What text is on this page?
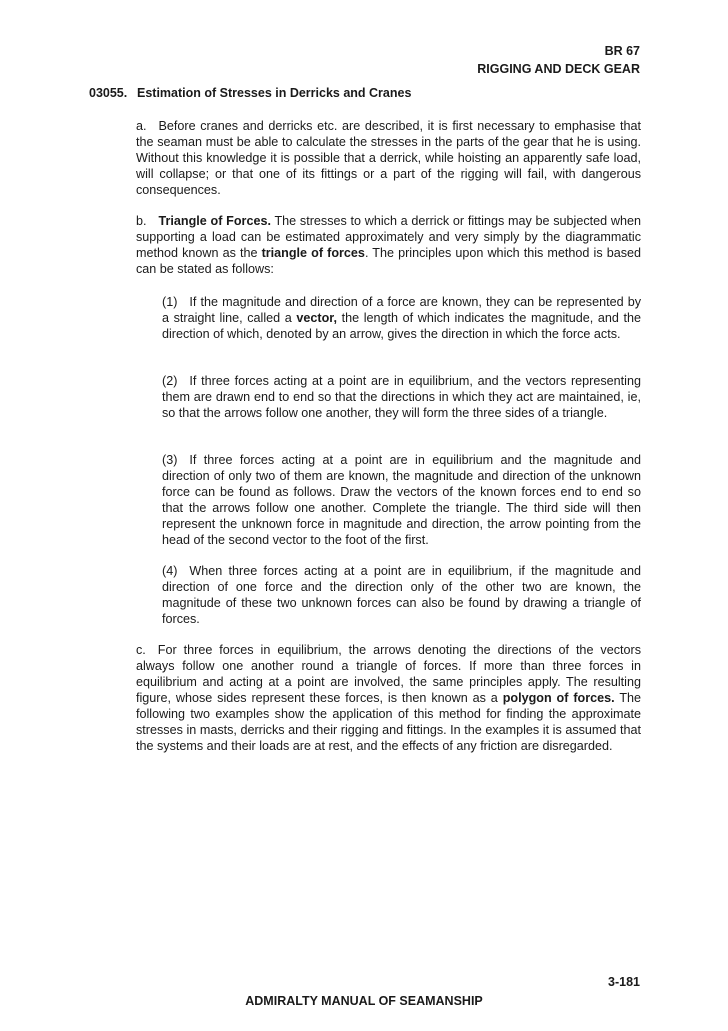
BR 67
RIGGING AND DECK GEAR
03055. Estimation of Stresses in Derricks and Cranes
a. Before cranes and derricks etc. are described, it is first necessary to emphasise that the seaman must be able to calculate the stresses in the parts of the gear that he is using. Without this knowledge it is possible that a derrick, while hoisting an apparently safe load, will collapse; or that one of its fittings or a part of the rigging will fail, with dangerous consequences.
b. Triangle of Forces. The stresses to which a derrick or fittings may be subjected when supporting a load can be estimated approximately and very simply by the diagrammatic method known as the triangle of forces. The principles upon which this method is based can be stated as follows:
(1) If the magnitude and direction of a force are known, they can be represented by a straight line, called a vector, the length of which indicates the magnitude, and the direction of which, denoted by an arrow, gives the direction in which the force acts.
(2) If three forces acting at a point are in equilibrium, and the vectors representing them are drawn end to end so that the directions in which they act are maintained, ie, so that the arrows follow one another, they will form the three sides of a triangle.
(3) If three forces acting at a point are in equilibrium and the magnitude and direction of only two of them are known, the magnitude and direction of the unknown force can be found as follows. Draw the vectors of the known forces end to end so that the arrows follow one another. Complete the triangle. The third side will then represent the unknown force in magnitude and direction, the arrow pointing from the head of the second vector to the foot of the first.
(4) When three forces acting at a point are in equilibrium, if the magnitude and direction of one force and the direction only of the other two are known, the magnitude of these two unknown forces can also be found by drawing a triangle of forces.
c. For three forces in equilibrium, the arrows denoting the directions of the vectors always follow one another round a triangle of forces. If more than three forces in equilibrium and acting at a point are involved, the same principles apply. The resulting figure, whose sides represent these forces, is then known as a polygon of forces. The following two examples show the application of this method for finding the approximate stresses in masts, derricks and their rigging and fittings. In the examples it is assumed that the systems and their loads are at rest, and the effects of any friction are disregarded.
3-181
ADMIRALTY MANUAL OF SEAMANSHIP
